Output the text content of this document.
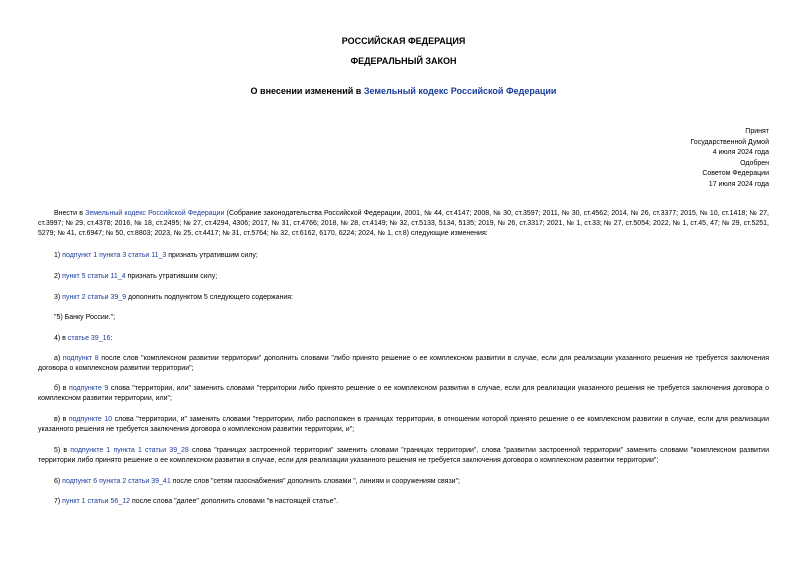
РОССИЙСКАЯ ФЕДЕРАЦИЯ
ФЕДЕРАЛЬНЫЙ ЗАКОН
О внесении изменений в Земельный кодекс Российской Федерации
Принят
Государственной Думой
4 июля 2024 года
Одобрен
Советом Федерации
17 июля 2024 года
Внести в Земельный кодекс Российской Федерации (Собрание законодательства Российской Федерации, 2001, № 44, ст.4147; 2008, № 30, ст.3597; 2011, № 30, ст.4562; 2014, № 26, ст.3377; 2015, № 10, ст.1418; № 27, ст.3997; № 29, ст.4378; 2016, № 18, ст.2495; № 27, ст.4294, 4306; 2017, № 31, ст.4766; 2018, № 28, ст.4149; № 32, ст.5133, 5134, 5135; 2019, № 26, ст.3317; 2021, № 1, ст.33; № 27, ст.5054; 2022, № 1, ст.45, 47; № 29, ст.5251, 5279; № 41, ст.6947; № 50, ст.8803; 2023, № 25, ст.4417; № 31, ст.5764; № 32, ст.6162, 6170, 6224; 2024, № 1, ст.8) следующие изменения:
1) подпункт 1 пункта 3 статьи 11_3 признать утратившим силу;
2) пункт 5 статьи 11_4 признать утратившим силу;
3) пункт 2 статьи 39_9 дополнить подпунктом 5 следующего содержания:
"5) Банку России.";
4) в статье 39_16:
а) подпункт 8 после слов "комплексном развитии территории" дополнить словами "либо принято решение о ее комплексном развитии в случае, если для реализации указанного решения не требуется заключения договора о комплексном развитии территории";
б) в подпункте 9 слова "территории, или" заменить словами "территории либо принято решение о ее комплексном развитии в случае, если для реализации указанного решения не требуется заключения договора о комплексном развитии территории, или";
в) в подпункте 10 слова "территории, и" заменить словами "территории, либо расположен в границах территории, в отношении которой принято решение о ее комплексном развитии в случае, если для реализации указанного решения не требуется заключения договора о комплексном развитии территории, и";
5) в подпункте 1 пункта 1 статьи 39_28 слова "границах застроенной территории" заменить словами "границах территории", слова "развитии застроенной территории" заменить словами "комплексном развитии территории либо принято решение о ее комплексном развитии в случае, если для реализации указанного решения не требуется заключения договора о комплексном развитии территории";
6) подпункт 6 пункта 2 статьи 39_41 после слов "сетям газоснабжения" дополнить словами ", линиям и сооружениям связи";
7) пункт 1 статьи 56_12 после слова "далее" дополнить словами "в настоящей статье".
